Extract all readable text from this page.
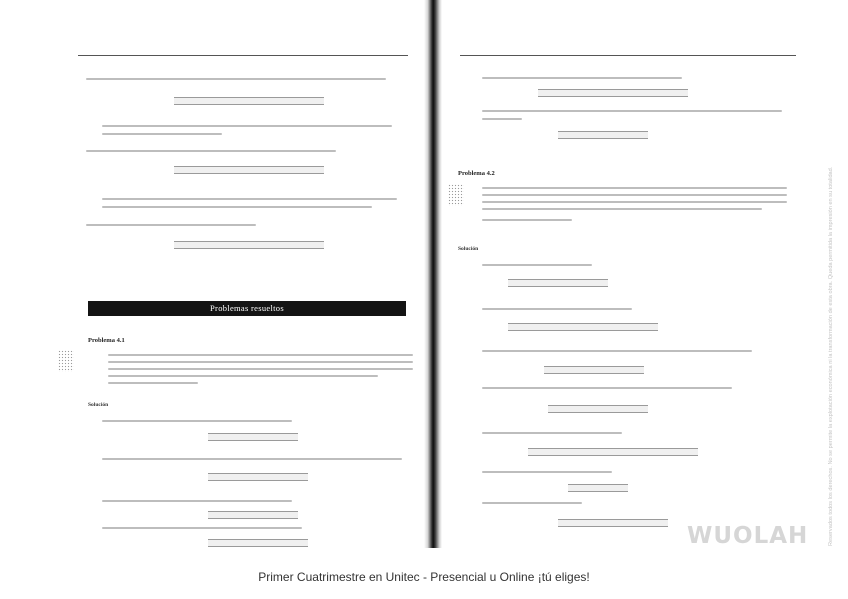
Problemas resueltos
Problema 4.1
Solución
Problema 4.2
Solución
WUOLAH	Reservados todos los derechos. No se permite la explotación económica ni la transformación de esta obra. Queda permitida la impresión en su totalidad.
Primer Cuatrimestre en Unitec - Presencial u Online ¡tú eliges!
